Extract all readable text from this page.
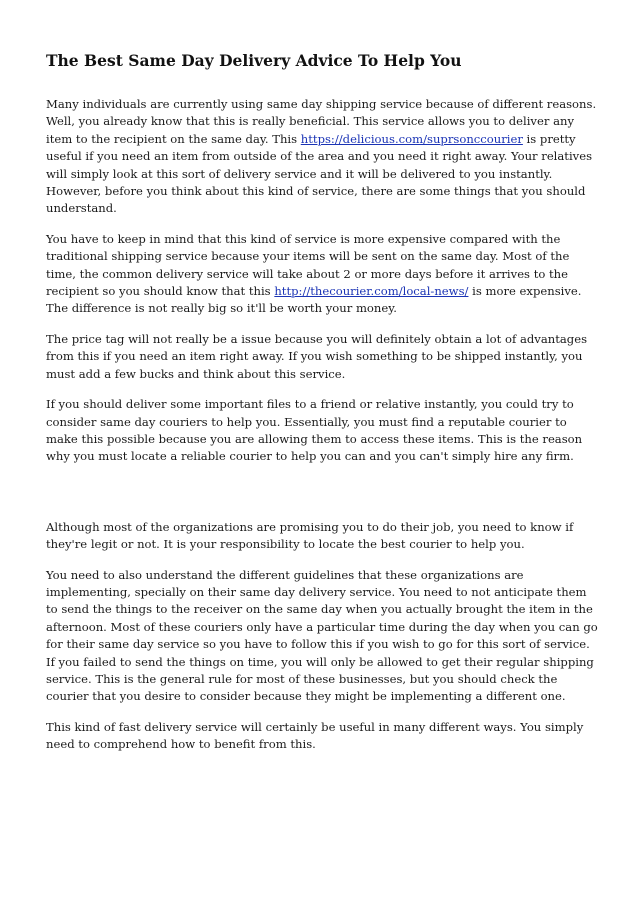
The Best Same Day Delivery Advice To Help You

Many individuals are currently using same day shipping service because of different reasons. Well, you already know that this is really beneficial. This service allows you to deliver any item to the recipient on the same day. This https://delicious.com/suprsonccourier is pretty useful if you need an item from outside of the area and you need it right away. Your relatives will simply look at this sort of delivery service and it will be delivered to you instantly. However, before you think about this kind of service, there are some things that you should understand.

You have to keep in mind that this kind of service is more expensive compared with the traditional shipping service because your items will be sent on the same day. Most of the time, the common delivery service will take about 2 or more days before it arrives to the recipient so you should know that this http://thecourier.com/local-news/ is more expensive. The difference is not really big so it'll be worth your money.

The price tag will not really be a issue because you will definitely obtain a lot of advantages from this if you need an item right away. If you wish something to be shipped instantly, you must add a few bucks and think about this service.

If you should deliver some important files to a friend or relative instantly, you could try to consider same day couriers to help you. Essentially, you must find a reputable courier to make this possible because you are allowing them to access these items. This is the reason why you must locate a reliable courier to help you can and you can't simply hire any firm.

Although most of the organizations are promising you to do their job, you need to know if they're legit or not. It is your responsibility to locate the best courier to help you.

You need to also understand the different guidelines that these organizations are implementing, specially on their same day delivery service. You need to not anticipate them to send the things to the receiver on the same day when you actually brought the item in the afternoon. Most of these couriers only have a particular time during the day when you can go for their same day service so you have to follow this if you wish to go for this sort of service. If you failed to send the things on time, you will only be allowed to get their regular shipping service. This is the general rule for most of these businesses, but you should check the courier that you desire to consider because they might be implementing a different one.

This kind of fast delivery service will certainly be useful in many different ways. You simply need to comprehend how to benefit from this.
